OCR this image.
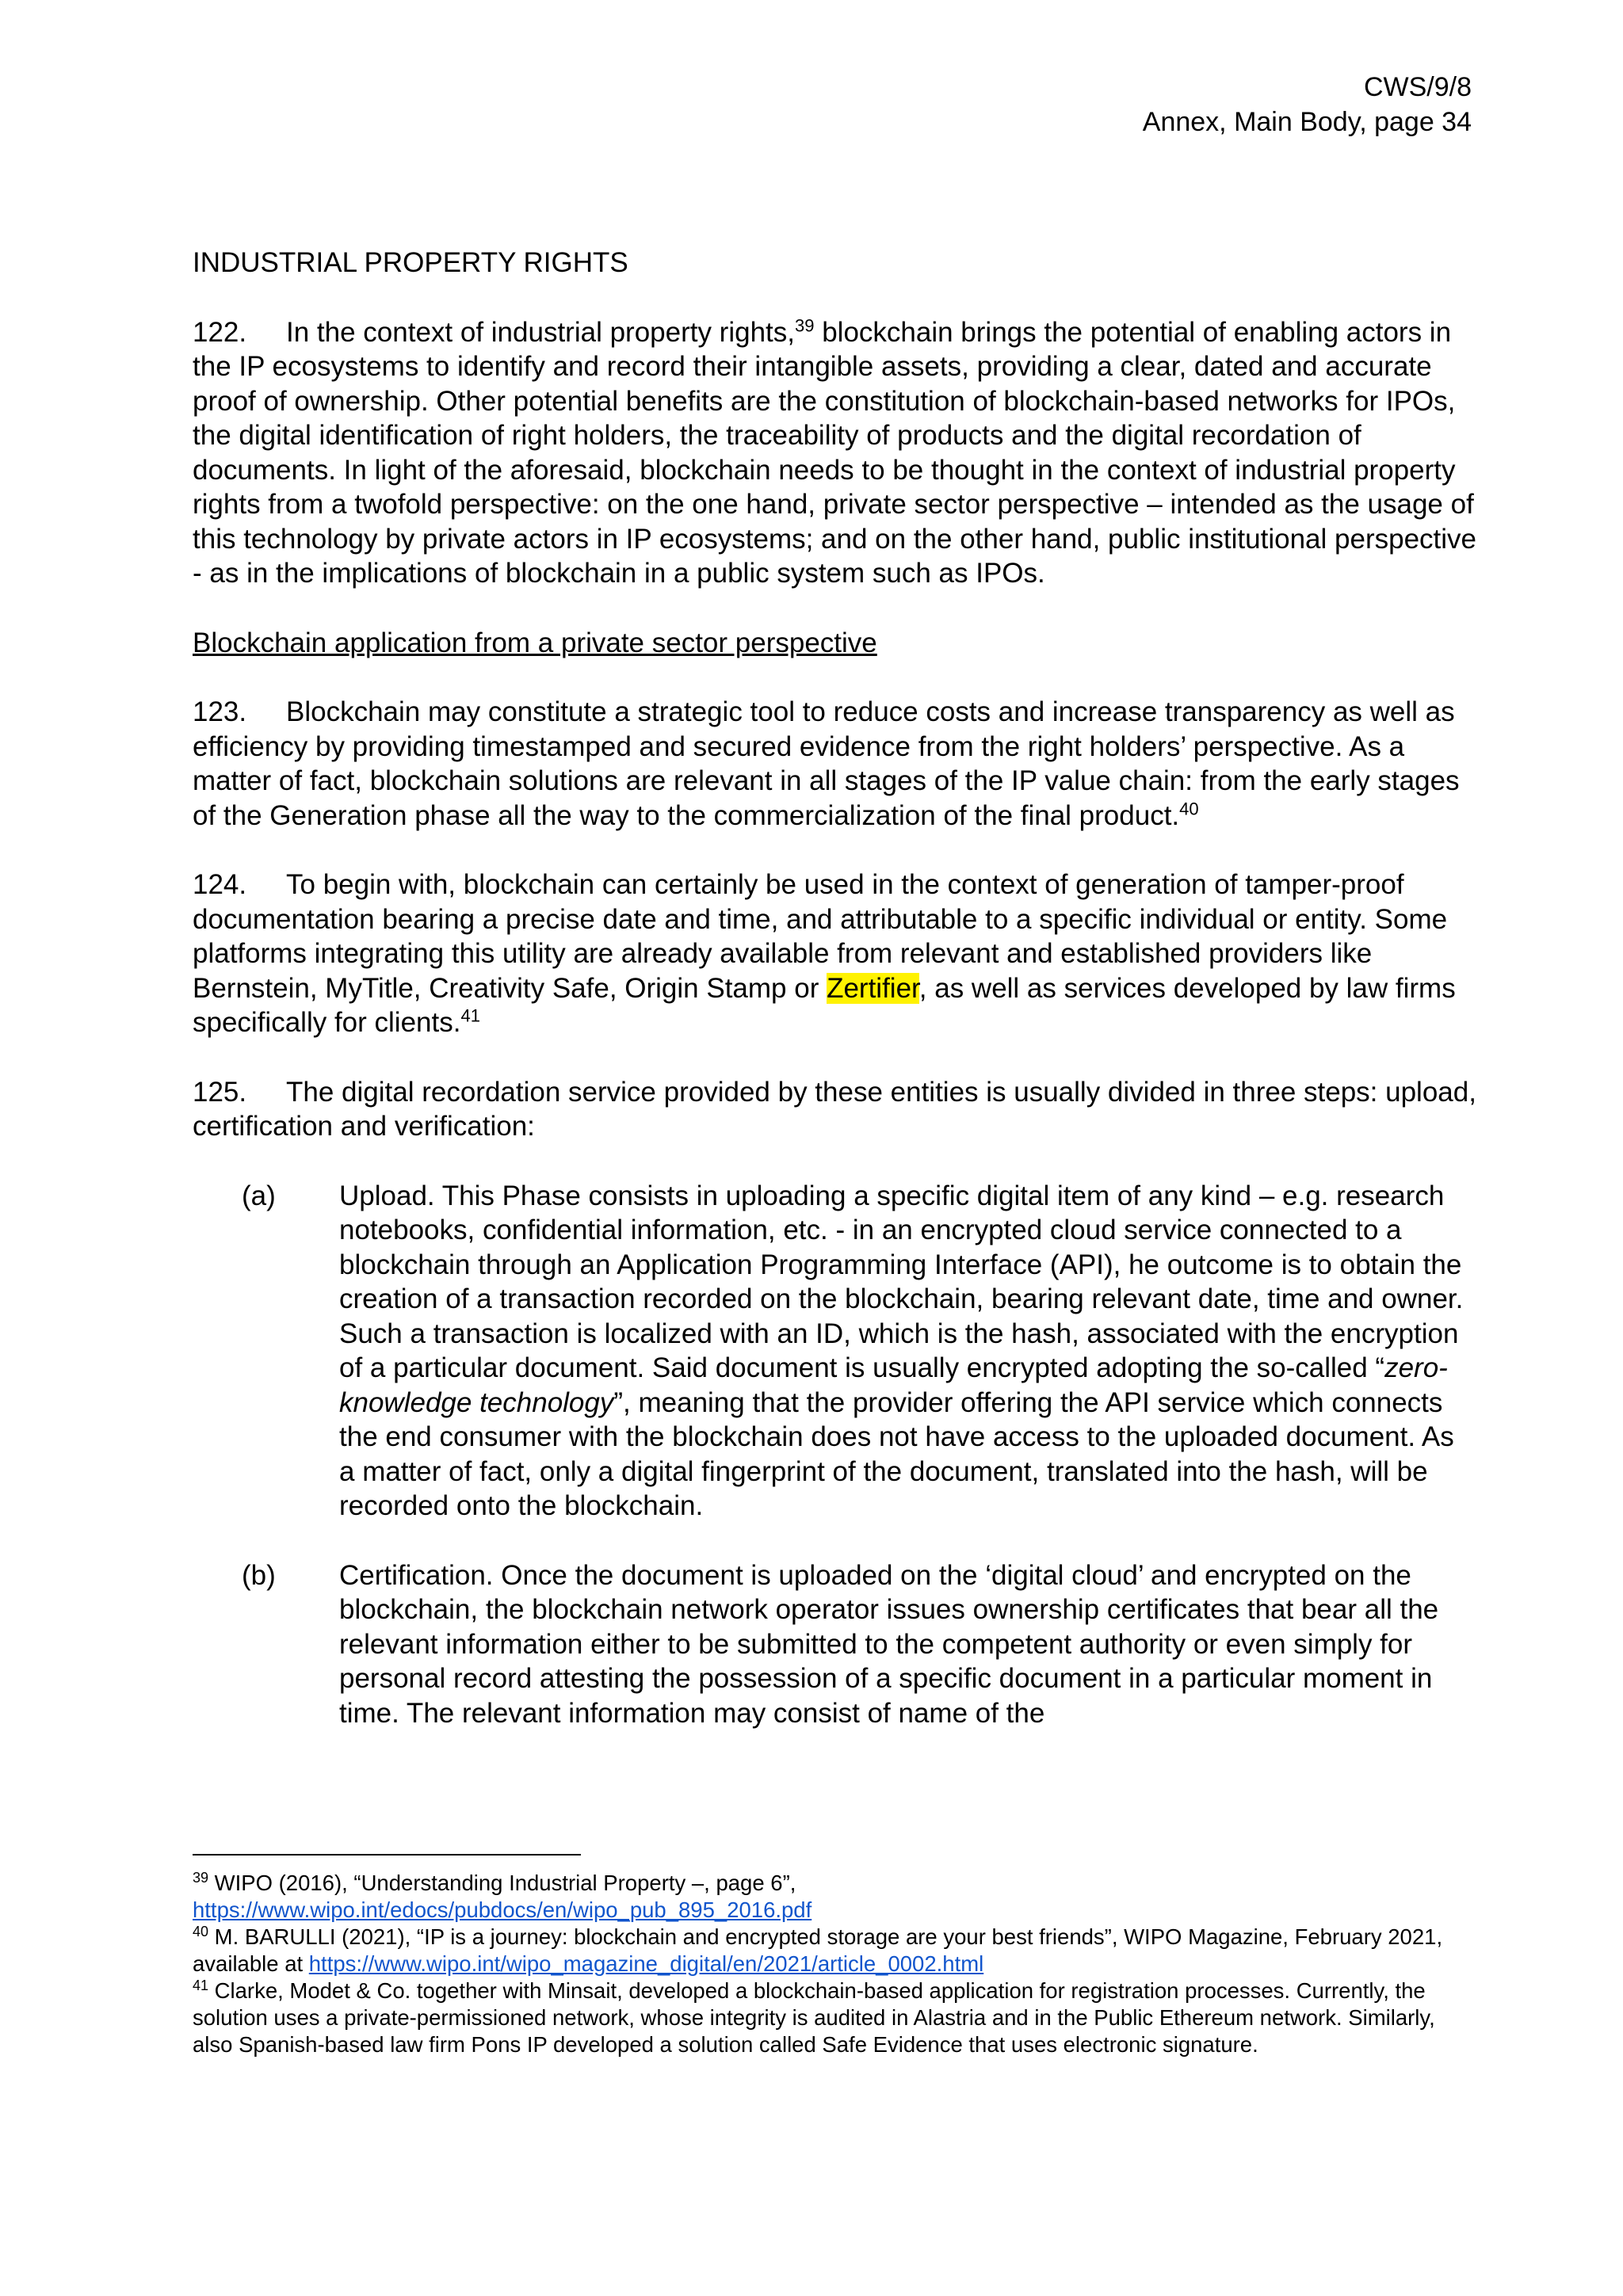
CWS/9/8
Annex, Main Body, page 34
INDUSTRIAL PROPERTY RIGHTS
122. In the context of industrial property rights,$^{39}$ blockchain brings the potential of enabling actors in the IP ecosystems to identify and record their intangible assets, providing a clear, dated and accurate proof of ownership. Other potential benefits are the constitution of blockchain-based networks for IPOs, the digital identification of right holders, the traceability of products and the digital recordation of documents. In light of the aforesaid, blockchain needs to be thought in the context of industrial property rights from a twofold perspective: on the one hand, private sector perspective – intended as the usage of this technology by private actors in IP ecosystems; and on the other hand, public institutional perspective - as in the implications of blockchain in a public system such as IPOs.
Blockchain application from a private sector perspective
123. Blockchain may constitute a strategic tool to reduce costs and increase transparency as well as efficiency by providing timestamped and secured evidence from the right holders’ perspective. As a matter of fact, blockchain solutions are relevant in all stages of the IP value chain: from the early stages of the Generation phase all the way to the commercialization of the final product.$^{40}$
124. To begin with, blockchain can certainly be used in the context of generation of tamper-proof documentation bearing a precise date and time, and attributable to a specific individual or entity. Some platforms integrating this utility are already available from relevant and established providers like Bernstein, MyTitle, Creativity Safe, Origin Stamp or Zertifier, as well as services developed by law firms specifically for clients.$^{41}$
125. The digital recordation service provided by these entities is usually divided in three steps: upload, certification and verification:
(a)	Upload. This Phase consists in uploading a specific digital item of any kind – e.g. research notebooks, confidential information, etc. - in an encrypted cloud service connected to a blockchain through an Application Programming Interface (API), he outcome is to obtain the creation of a transaction recorded on the blockchain, bearing relevant date, time and owner. Such a transaction is localized with an ID, which is the hash, associated with the encryption of a particular document. Said document is usually encrypted adopting the so-called “zero-knowledge technology”, meaning that the provider offering the API service which connects the end consumer with the blockchain does not have access to the uploaded document. As a matter of fact, only a digital fingerprint of the document, translated into the hash, will be recorded onto the blockchain.
(b)	Certification. Once the document is uploaded on the ‘digital cloud’ and encrypted on the blockchain, the blockchain network operator issues ownership certificates that bear all the relevant information either to be submitted to the competent authority or even simply for personal record attesting the possession of a specific document in a particular moment in time. The relevant information may consist of name of the
$^{39}$ WIPO (2016), “Understanding Industrial Property –, page 6”,
https://www.wipo.int/edocs/pubdocs/en/wipo_pub_895_2016.pdf
$^{40}$ M. BARULLI (2021), “IP is a journey: blockchain and encrypted storage are your best friends”, WIPO Magazine, February 2021, available at https://www.wipo.int/wipo_magazine_digital/en/2021/article_0002.html
$^{41}$ Clarke, Modet & Co. together with Minsait, developed a blockchain-based application for registration processes. Currently, the solution uses a private-permissioned network, whose integrity is audited in Alastria and in the Public Ethereum network. Similarly, also Spanish-based law firm Pons IP developed a solution called Safe Evidence that uses electronic signature.
